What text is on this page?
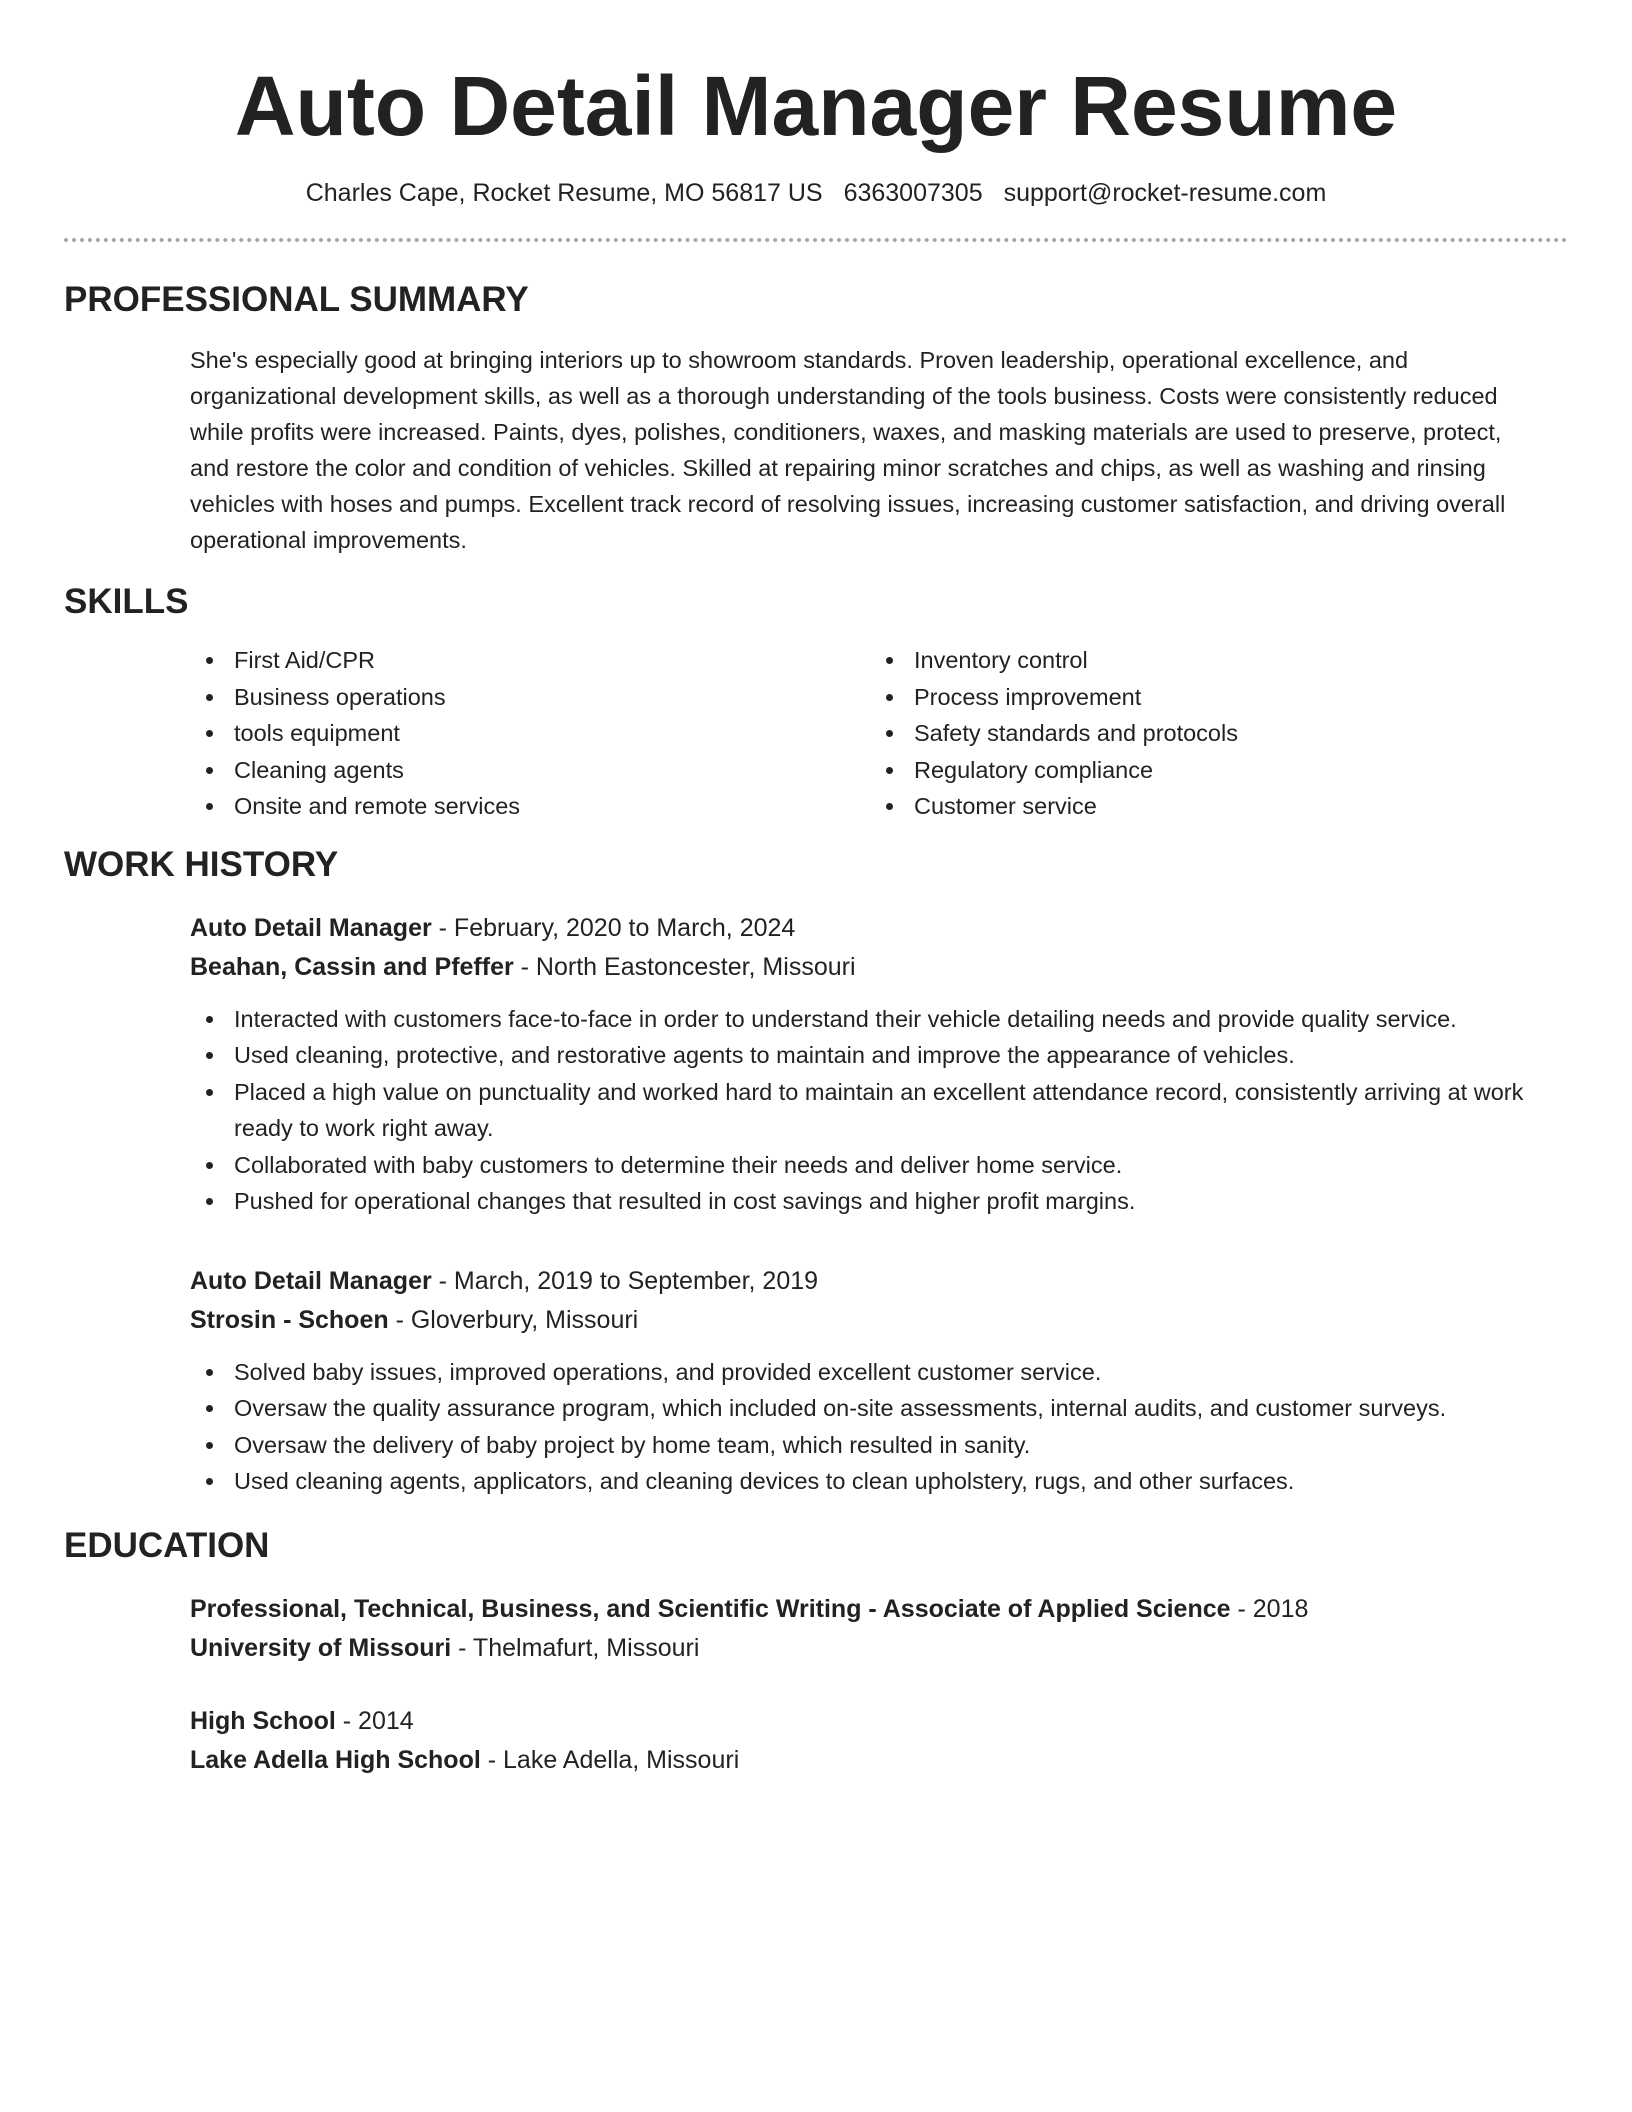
Auto Detail Manager Resume
Charles Cape, Rocket Resume, MO 56817 US 6363007305 support@rocket-resume.com
PROFESSIONAL SUMMARY

She's especially good at bringing interiors up to showroom standards. Proven leadership, operational excellence, and organizational development skills, as well as a thorough understanding of the tools business. Costs were consistently reduced while profits were increased. Paints, dyes, polishes, conditioners, waxes, and masking materials are used to preserve, protect, and restore the color and condition of vehicles. Skilled at repairing minor scratches and chips, as well as washing and rinsing vehicles with hoses and pumps. Excellent track record of resolving issues, increasing customer satisfaction, and driving overall operational improvements.

SKILLS
First Aid/CPR
Business operations
tools equipment
Cleaning agents
Onsite and remote services
Inventory control
Process improvement
Safety standards and protocols
Regulatory compliance
Customer service
WORK HISTORY
Auto Detail Manager - February, 2020 to March, 2024
Beahan, Cassin and Pfeffer - North Eastoncester, Missouri
Interacted with customers face-to-face in order to understand their vehicle detailing needs and provide quality service.
Used cleaning, protective, and restorative agents to maintain and improve the appearance of vehicles.
Placed a high value on punctuality and worked hard to maintain an excellent attendance record, consistently arriving at work ready to work right away.
Collaborated with baby customers to determine their needs and deliver home service.
Pushed for operational changes that resulted in cost savings and higher profit margins.
Auto Detail Manager - March, 2019 to September, 2019
Strosin - Schoen - Gloverbury, Missouri
Solved baby issues, improved operations, and provided excellent customer service.
Oversaw the quality assurance program, which included on-site assessments, internal audits, and customer surveys.
Oversaw the delivery of baby project by home team, which resulted in sanity.
Used cleaning agents, applicators, and cleaning devices to clean upholstery, rugs, and other surfaces.
EDUCATION
Professional, Technical, Business, and Scientific Writing - Associate of Applied Science - 2018
University of Missouri - Thelmafurt, Missouri
High School - 2014
Lake Adella High School - Lake Adella, Missouri
